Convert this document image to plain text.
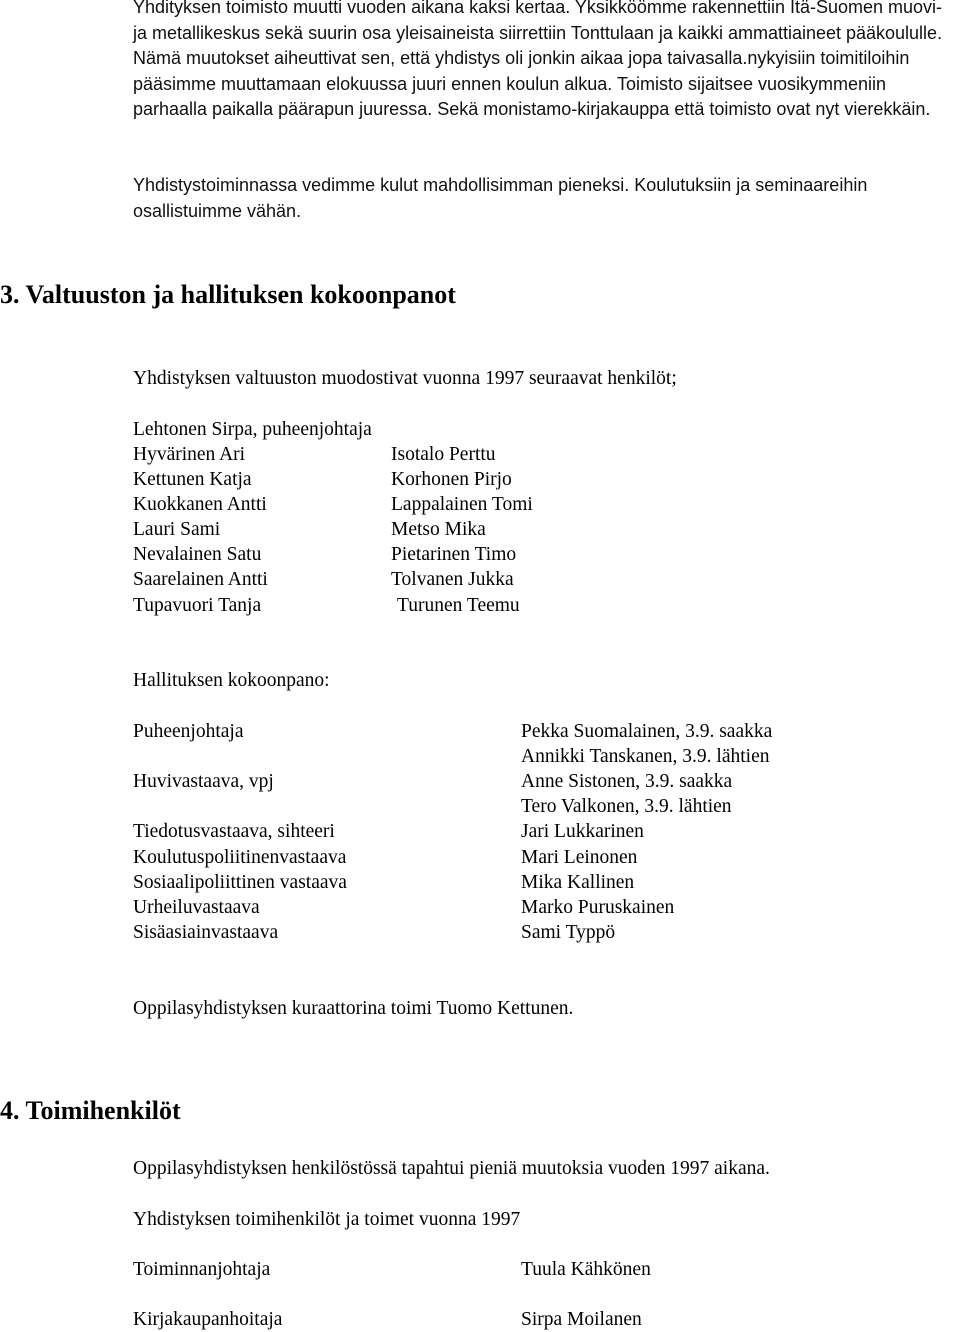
Yhdityksen toimisto muutti vuoden aikana kaksi kertaa. Yksikköömme rakennettiin Itä-Suomen muovi- ja metallikeskus sekä suurin osa yleisaineista siirrettiin Tonttulaan ja kaikki ammattiaineet pääkoululle. Nämä muutokset aiheuttivat sen, että yhdistys oli jonkin aikaa jopa taivasalla.nykyisiin toimitiloihin pääsimme muuttamaan elokuussa juuri ennen koulun alkua. Toimisto sijaitsee vuosikymmeniin parhaalla paikalla päärapun juuressa. Sekä monistamo-kirjakauppa että toimisto ovat nyt vierekkäin.

Yhdistystoiminnassa vedimme kulut mahdollisimman pieneksi. Koulutuksiin ja seminaareihin osallistuimme vähän.

3. Valtuuston ja hallituksen kokoonpanot
Yhdistyksen valtuuston muodostivat vuonna 1997 seuraavat henkilöt;
Lehtonen Sirpa, puheenjohtaja
Hyvärinen Ari	Isotalo Perttu
Kettunen Katja	Korhonen Pirjo
Kuokkanen Antti	Lappalainen Tomi
Lauri Sami	Metso Mika
Nevalainen Satu	Pietarinen Timo
Saarelainen Antti	Tolvanen Jukka
Tupavuori Tanja	Turunen Teemu
Hallituksen kokoonpano:
Puheenjohtaja	Pekka Suomalainen, 3.9. saakka
Annikki Tanskanen, 3.9. lähtien
Huvivastaava, vpj	Anne Sistonen, 3.9. saakka
Tero Valkonen, 3.9. lähtien
Tiedotusvastaava, sihteeri	Jari Lukkarinen
Koulutuspoliitinenvastaava	Mari Leinonen
Sosiaalipoliittinen vastaava	Mika Kallinen
Urheiluvastaava	Marko Puruskainen
Sisäasiainvastaava	Sami Typpö
Oppilasyhdistyksen kuraattorina toimi Tuomo Kettunen.
4. Toimihenkilöt
Oppilasyhdistyksen henkilöstössä tapahtui pieniä muutoksia vuoden 1997 aikana.
Yhdistyksen toimihenkilöt ja toimet vuonna 1997
Toiminnanjohtaja	Tuula Kähkönen
Kirjakaupanhoitaja	Sirpa Moilanen
